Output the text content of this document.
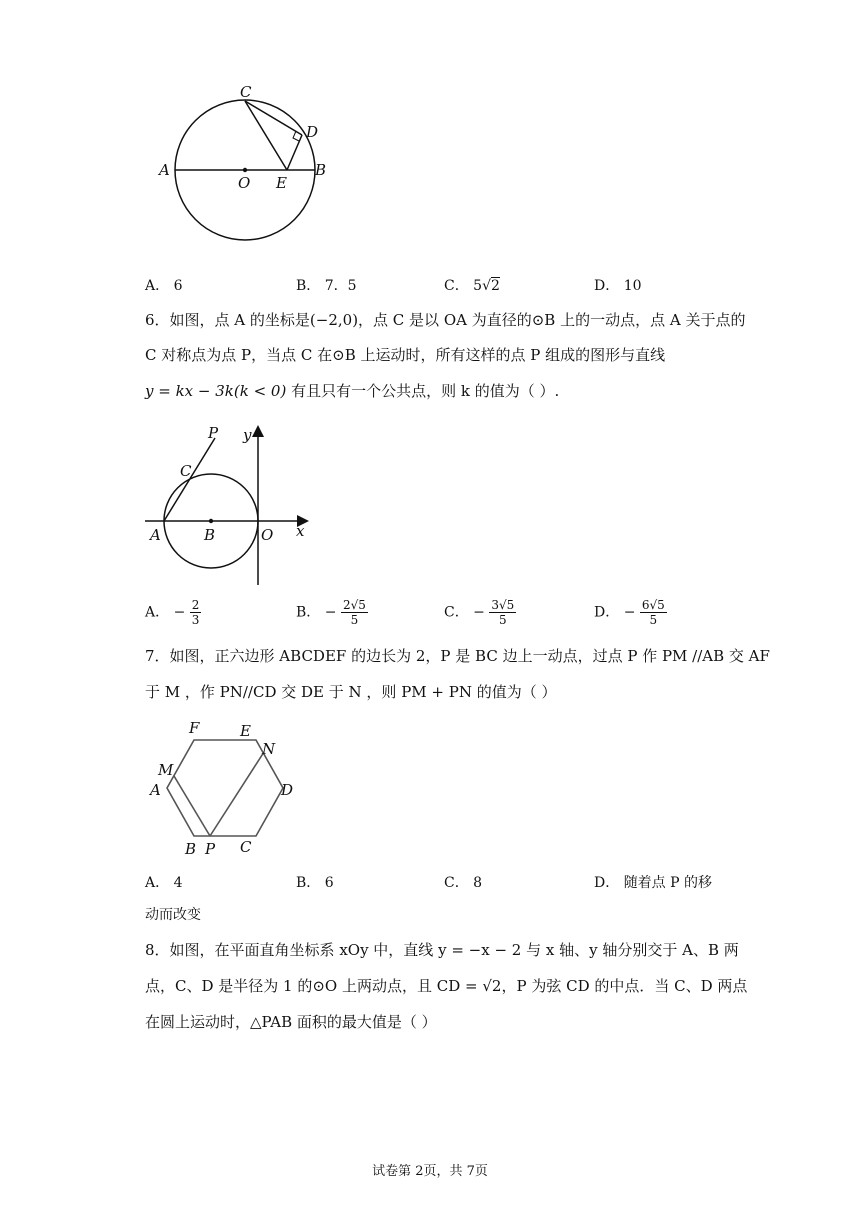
C
D
A	B
O E
A． 6	B． 7．5	C． 5√2	D． 10
6．如图，点 A 的坐标是(−2,0)，点 C 是以 OA 为直径的⊙B 上的一动点，点 A 关于点的
C 对称点为点 P，当点 C 在⊙B 上运动时，所有这样的点 P 组成的图形与直线
y = kx − 3k(k < 0) 有且只有一个公共点，则 k 的值为（ ）.
P y
C
A	B	O x
A． − $\frac{2}{3}$	B． − $\frac{2√5}{5}$	C． − $\frac{3√5}{5}$	D． − $\frac{6√5}{5}$
7．如图，正六边形 ABCDEF 的边长为 2，P 是 BC 边上一动点，过点 P 作 PM //AB 交 AF
于 M ，作 PN//CD 交 DE 于 N ，则 PM + PN 的值为（ ）
F	E
N
M
A	D
B P C
A． 4	B． 6	C． 8	D． 随着点 P 的移
动而改变
8．如图，在平面直角坐标系 xOy 中，直线 y = −x − 2 与 x 轴、y 轴分别交于 A、B 两
点，C、D 是半径为 1 的⊙O 上两动点，且 CD = √2，P 为弦 CD 的中点．当 C、D 两点
在圆上运动时，△PAB 面积的最大值是（ ）
试卷第 2页，共 7页
